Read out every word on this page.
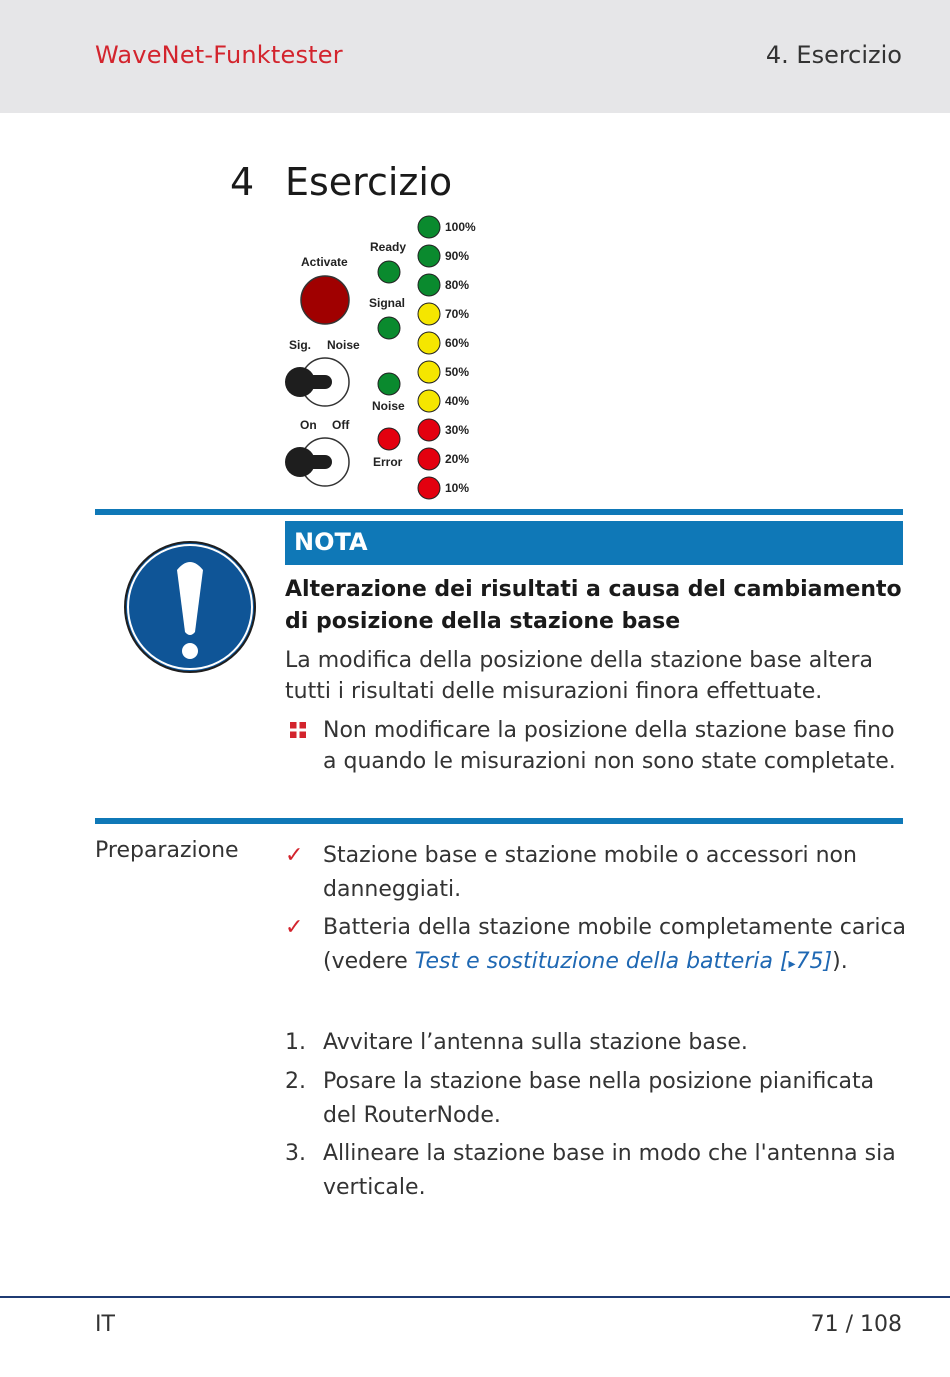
WaveNet-Funktester	4. Esercizio
4 Esercizio
Activate
Sig. Noise
On Off
Ready
Signal
Noise
Error
100%
90%
80%
70%
60%
50%
40%
30%
20%
10%
NOTA
Alterazione dei risultati a causa del cambiamento di posizione della stazione base
La modifica della posizione della stazione base altera tutti i risultati delle misurazioni finora effettuate.
Non modificare la posizione della stazione base fino a quando le misurazioni non sono state completate.
Preparazione ✓ Stazione base e stazione mobile o accessori non danneggiati.
✓ Batteria della stazione mobile completamente carica (vedere Test e sostituzione della batteria [▸75]).
1. Avvitare l’antenna sulla stazione base.
2. Posare la stazione base nella posizione pianificata del RouterNode.
3. Allineare la stazione base in modo che l'antenna sia verticale.
IT	71 / 108
